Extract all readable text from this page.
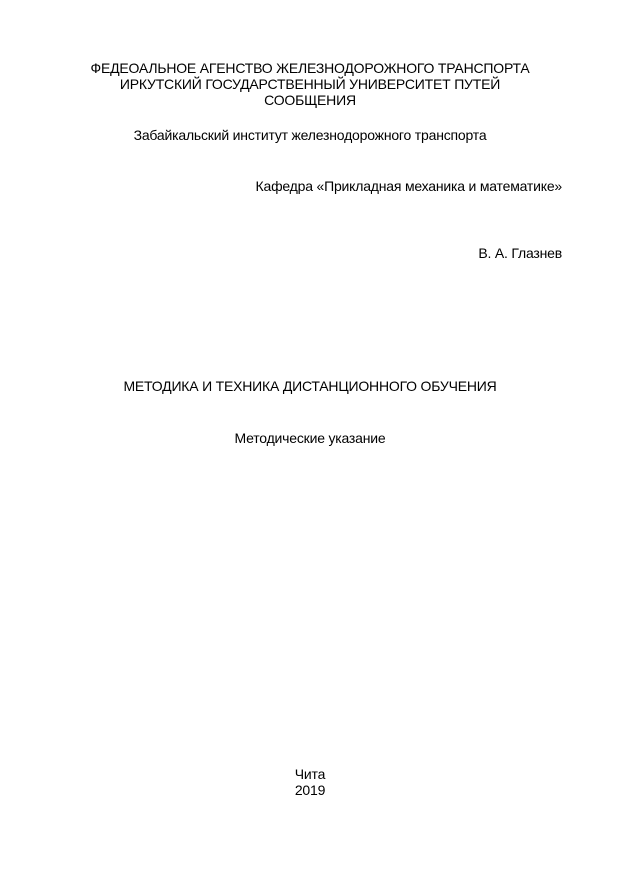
ФЕДЕОАЛЬНОЕ АГЕНСТВО ЖЕЛЕЗНОДОРОЖНОГО ТРАНСПОРТА
ИРКУТСКИЙ ГОСУДАРСТВЕННЫЙ УНИВЕРСИТЕТ ПУТЕЙ
СООБЩЕНИЯ
Забайкальский институт железнодорожного транспорта
Кафедра «Прикладная механика и математике»
В. А. Глазнев
МЕТОДИКА И ТЕХНИКА ДИСТАНЦИОННОГО ОБУЧЕНИЯ
Методические указание
Чита
2019
